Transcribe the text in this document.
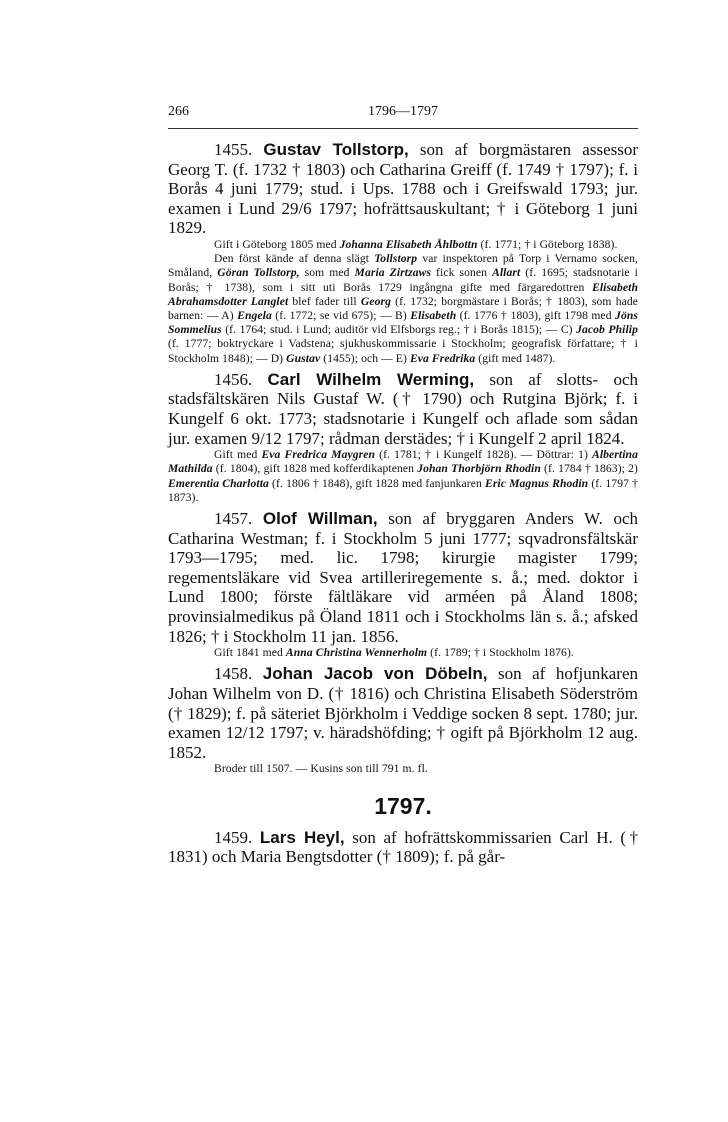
266	1796—1797

1455. Gustav Tollstorp, son af borgmästaren assessor Georg T. (f. 1732 † 1803) och Catharina Greiff (f. 1749 † 1797); f. i Borås 4 juni 1779; stud. i Ups. 1788 och i Greifswald 1793; jur. examen i Lund 29/6 1797; hofrättsauskultant; † i Göteborg 1 juni 1829.

Gift i Göteborg 1805 med Johanna Elisabeth Åhlbottn (f. 1771; † i Göteborg 1838).

Den först kände af denna slägt Tollstorp var inspektoren på Torp i Vernamo socken, Småland, Göran Tollstorp, som med Maria Zirtzaws fick sonen Allart (f. 1695; stadsnotarie i Borås; † 1738), som i sitt uti Borås 1729 ingångna gifte med färgaredottren Elisabeth Abrahamsdotter Langlet blef fader till Georg (f. 1732; borgmästare i Borås; † 1803), som hade barnen: — A) Engela (f. 1772; se vid 675); — B) Elisabeth (f. 1776 † 1803), gift 1798 med Jöns Sommelius (f. 1764; stud. i Lund; auditör vid Elfsborgs reg.; † i Borås 1815); — C) Jacob Philip (f. 1777; boktryckare i Vadstena; sjukhuskommissarie i Stockholm; geografisk författare; † i Stockholm 1848); — D) Gustav (1455); och — E) Eva Fredrika (gift med 1487).

1456. Carl Wilhelm Werming, son af slotts- och stadsfältskären Nils Gustaf W. († 1790) och Rutgina Björk; f. i Kungelf 6 okt. 1773; stadsnotarie i Kungelf och aflade som sådan jur. examen 9/12 1797; rådman derstädes; † i Kungelf 2 april 1824.

Gift med Eva Fredrica Maygren (f. 1781; † i Kungelf 1828). — Döttrar: 1) Albertina Mathilda (f. 1804), gift 1828 med kofferdikaptenen Johan Thorbjörn Rhodin (f. 1784 † 1863); 2) Emerentia Charlotta (f. 1806 † 1848), gift 1828 med fanjunkaren Eric Magnus Rhodin (f. 1797 † 1873).

1457. Olof Willman, son af bryggaren Anders W. och Catharina Westman; f. i Stockholm 5 juni 1777; sqvadronsfältskär 1793—1795; med. lic. 1798; kirurgie magister 1799; regementsläkare vid Svea artilleriregemente s. å.; med. doktor i Lund 1800; förste fältläkare vid arméen på Åland 1808; provinsialmedikus på Öland 1811 och i Stockholms län s. å.; afsked 1826; † i Stockholm 11 jan. 1856.

Gift 1841 med Anna Christina Wennerholm (f. 1789; † i Stockholm 1876).

1458. Johan Jacob von Döbeln, son af hofjunkaren Johan Wilhelm von D. († 1816) och Christina Elisabeth Söderström († 1829); f. på säteriet Björkholm i Veddige socken 8 sept. 1780; jur. examen 12/12 1797; v. häradshöfding; † ogift på Björkholm 12 aug. 1852.

Broder till 1507. — Kusins son till 791 m. fl.

1797.

1459. Lars Heyl, son af hofrättskommissarien Carl H. († 1831) och Maria Bengtsdotter († 1809); f. på går-
